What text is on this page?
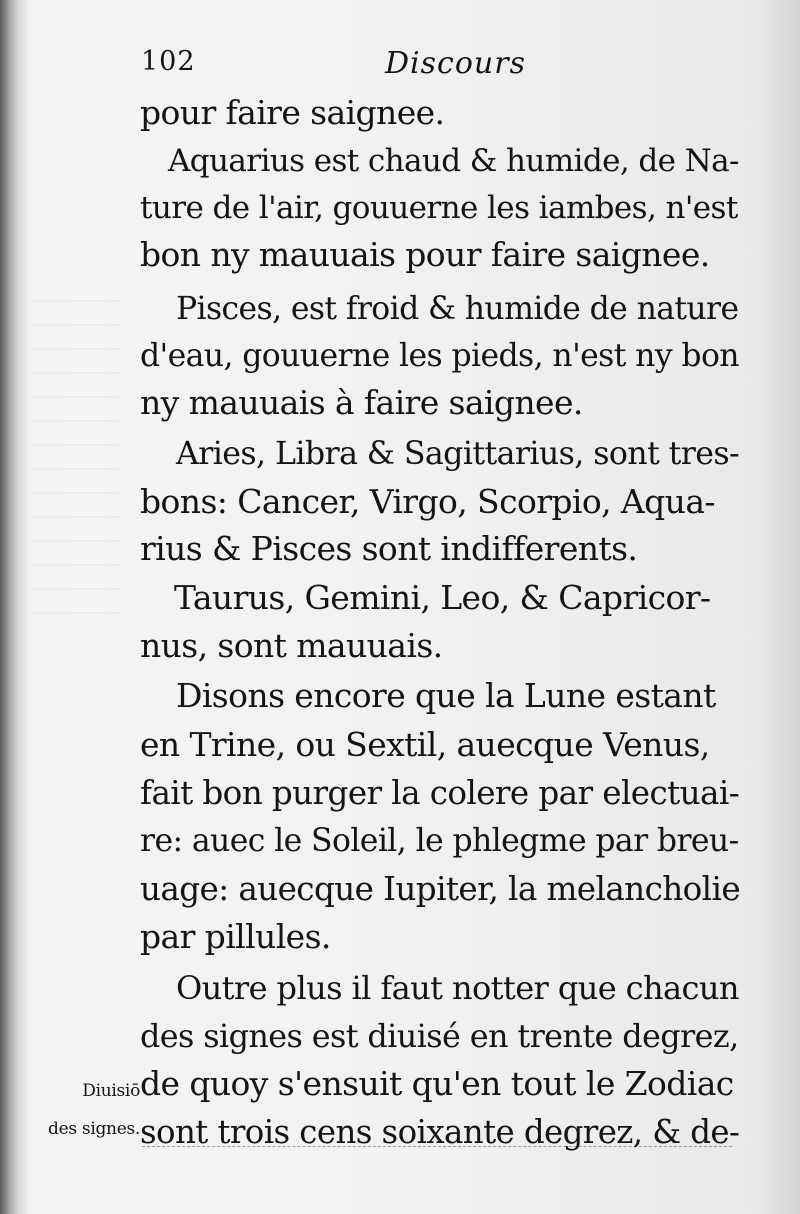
102	Discours
pour faire saignee.
Aquarius est chaud & humide, de Na-
ture de l'air, gouuerne les iambes, n'est
bon ny mauuais pour faire saignee.
Pisces, est froid & humide de nature
d'eau, gouuerne les pieds, n'est ny bon
ny mauuais à faire saignee.
Aries, Libra & Sagittarius, sont tres-
bons: Cancer, Virgo, Scorpio, Aqua-
rius & Pisces sont indifferents.
Taurus, Gemini, Leo, & Capricor-
nus, sont mauuais.
Disons encore que la Lune estant
en Trine, ou Sextil, auecque Venus,
fait bon purger la colere par electuai-
re: auec le Soleil, le phlegme par breu-
uage: auecque Iupiter, la melancholie
par pillules.
Outre plus il faut notter que chacun
des signes est diuisé en trente degrez,
de quoy s'ensuit qu'en tout le Zodiac
sont trois cens soixante degrez, & de-
Diuisiō
des signes.
